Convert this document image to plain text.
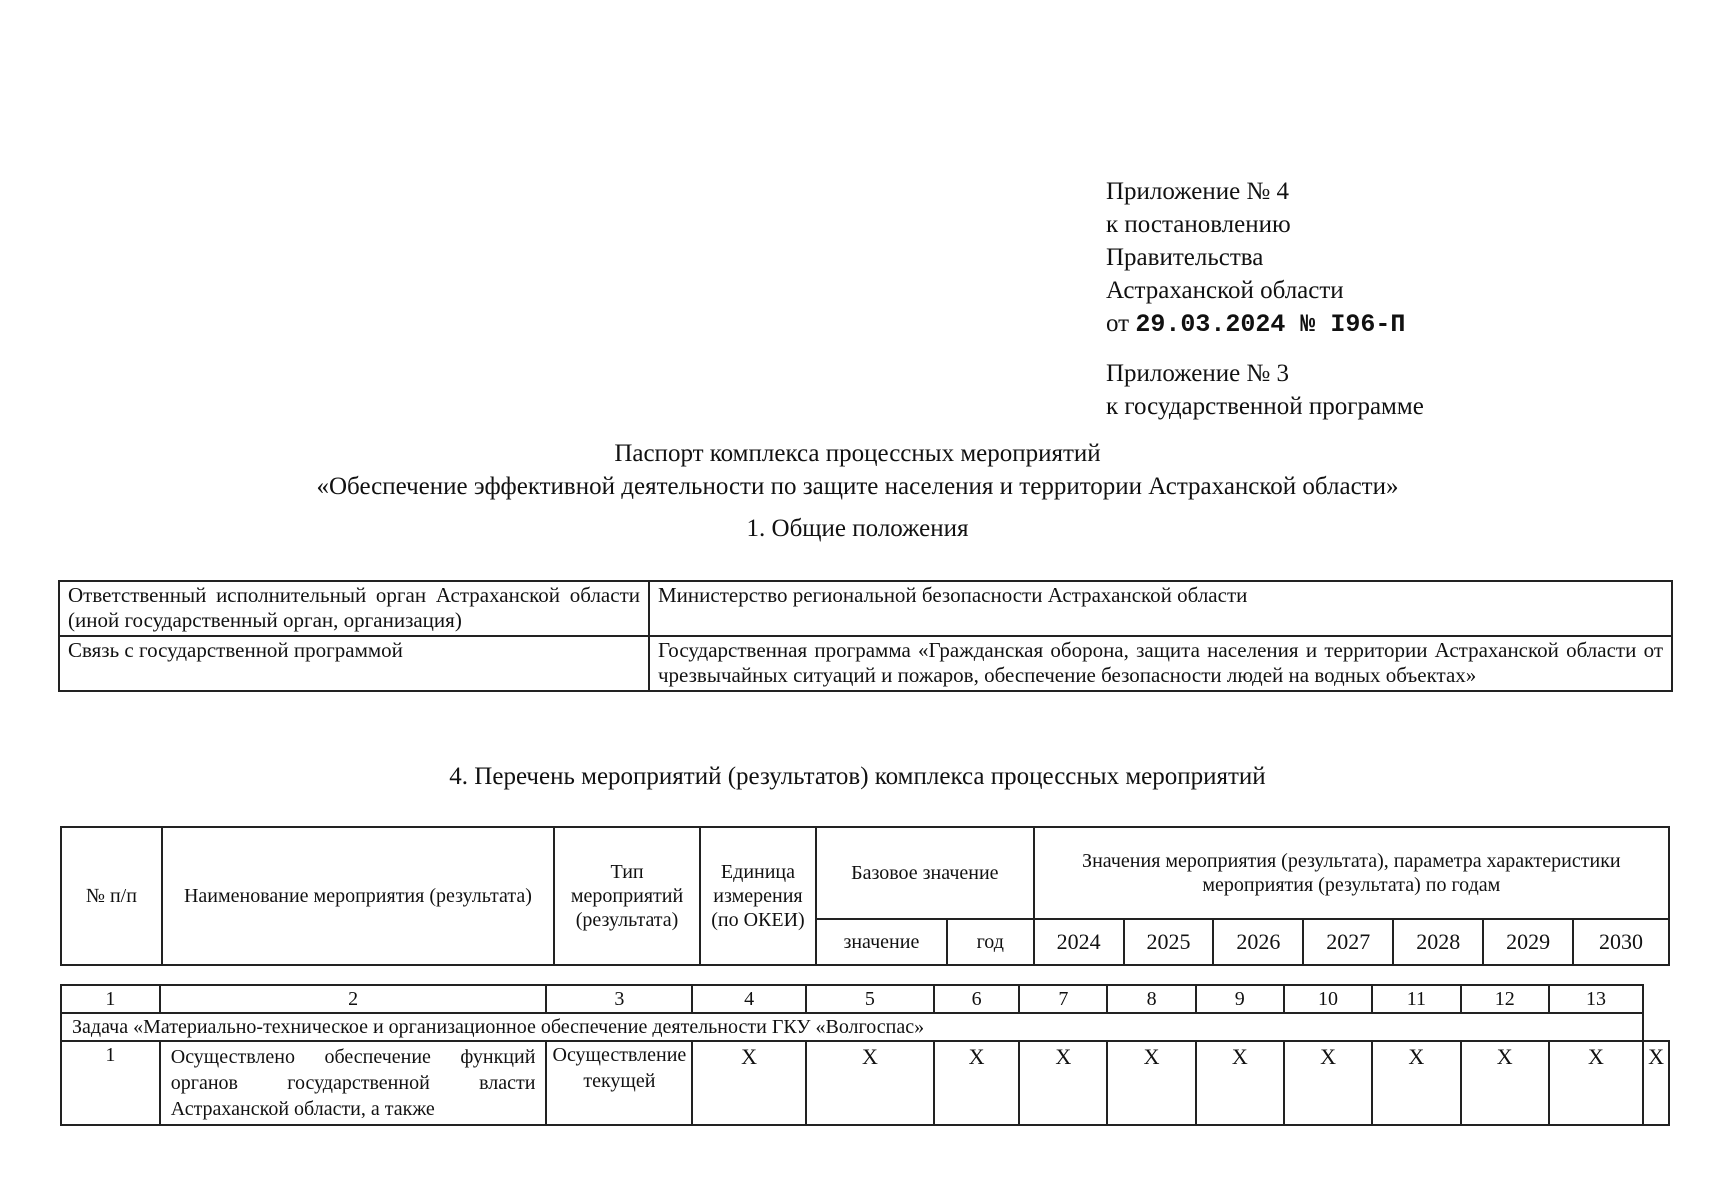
Приложение № 4
к постановлению
Правительства
Астраханской области
от 29.03.2024 № I96-П
Приложение № 3
к государственной программе
Паспорт комплекса процессных мероприятий
«Обеспечение эффективной деятельности по защите населения и территории Астраханской области»
1. Общие положения
Ответственный исполнительный орган Астраханской области (иной государственный орган, организация)	Министерство региональной безопасности Астраханской области
Связь с государственной программой	Государственная программа «Гражданская оборона, защита населения и территории Астраханской области от чрезвычайных ситуаций и пожаров, обеспечение безопасности людей на водных объектах»
4. Перечень мероприятий (результатов) комплекса процессных мероприятий
№ п/п	Наименование мероприятия (результата)	Тип мероприятий (результата)	Единица измерения (по ОКЕИ)	Базовое значение		Значения мероприятия (результата), параметра характеристики мероприятия (результата) по годам						
				значение	год	2024	2025	2026	2027	2028	2029	2030
1	2	3	4	5	6	7	8	9	10	11	12	13	
Задача «Материально-техническое и организационное обеспечение деятельности ГКУ «Волгоспас»													
1	Осуществлено обеспечение функций органов государственной власти Астраханской области, а также	Осуществление текущей	X	X	X	X	X	X	X	X	X	X	X
